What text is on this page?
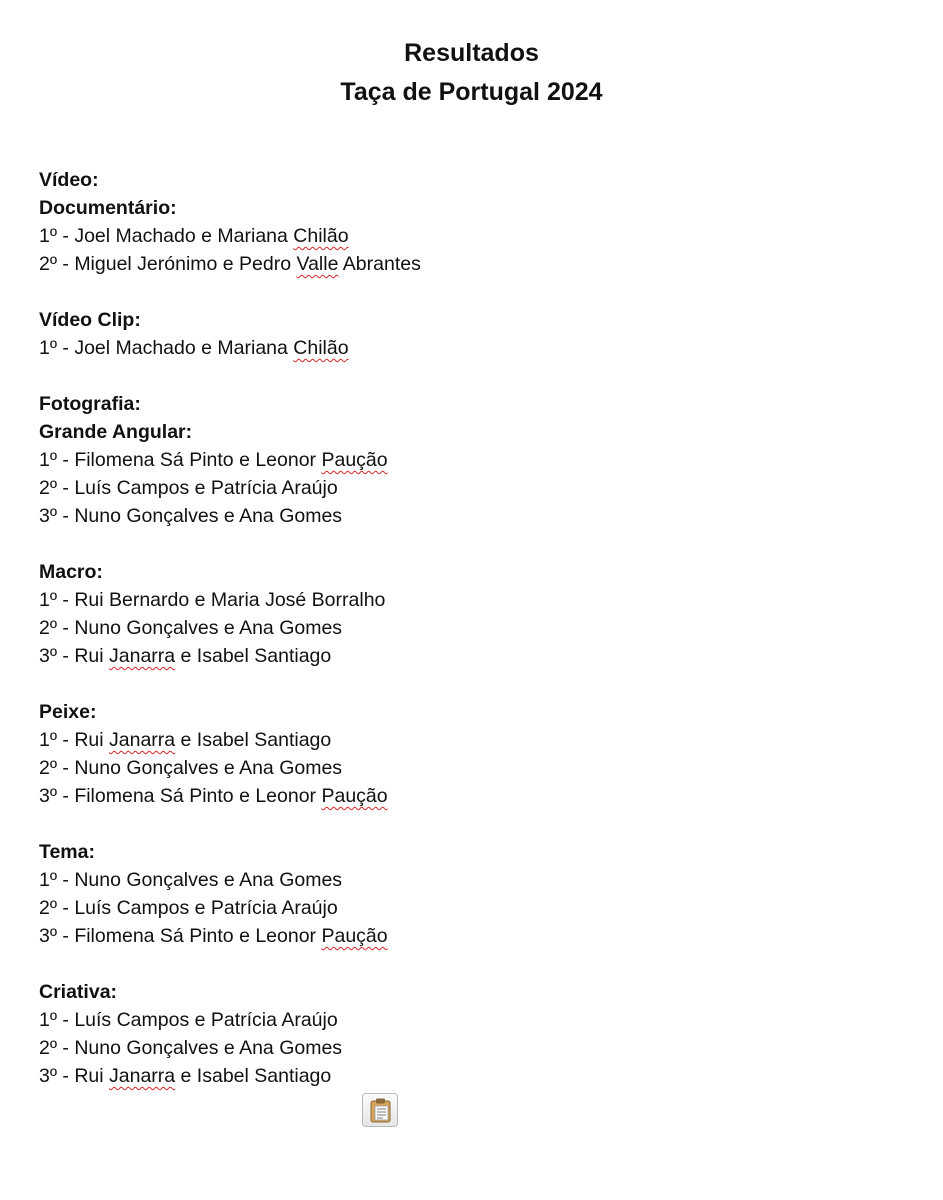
Resultados
Taça de Portugal 2024
Vídeo:
Documentário:
1º - Joel Machado e Mariana Chilão
2º - Miguel Jerónimo e Pedro Valle Abrantes
Vídeo Clip:
1º - Joel Machado e Mariana Chilão
Fotografia:
Grande Angular:
1º - Filomena Sá Pinto e Leonor Paução
2º - Luís Campos e Patrícia Araújo
3º - Nuno Gonçalves e Ana Gomes
Macro:
1º - Rui Bernardo e Maria José Borralho
2º - Nuno Gonçalves e Ana Gomes
3º - Rui Janarra e Isabel Santiago
Peixe:
1º - Rui Janarra e Isabel Santiago
2º - Nuno Gonçalves e Ana Gomes
3º - Filomena Sá Pinto e Leonor Paução
Tema:
1º - Nuno Gonçalves e Ana Gomes
2º - Luís Campos e Patrícia Araújo
3º - Filomena Sá Pinto e Leonor Paução
Criativa:
1º - Luís Campos e Patrícia Araújo
2º - Nuno Gonçalves e Ana Gomes
3º - Rui Janarra e Isabel Santiago
